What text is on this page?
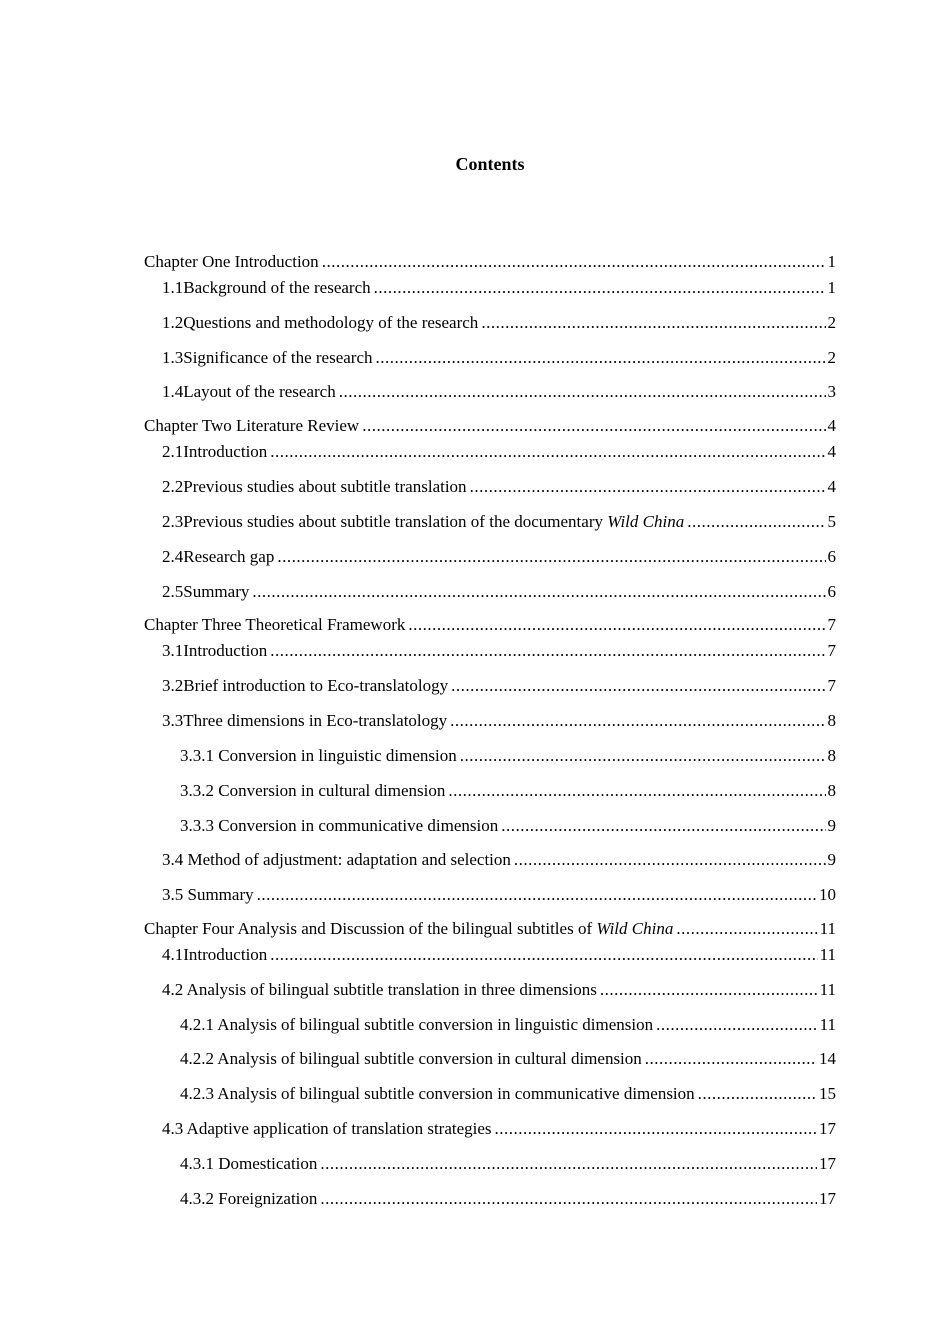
Contents
Chapter One Introduction .....	1
1.1Background of the research .....	1
1.2Questions and methodology of the research .....	2
1.3Significance of the research .....	2
1.4Layout of the research .....	3
Chapter Two Literature Review .....	4
2.1Introduction .....	4
2.2Previous studies about subtitle translation .....	4
2.3Previous studies about subtitle translation of the documentary Wild China .....	5
2.4Research gap .....	6
2.5Summary .....	6
Chapter Three Theoretical Framework .....	7
3.1Introduction .....	7
3.2Brief introduction to Eco-translatology .....	7
3.3Three dimensions in Eco-translatology .....	8
3.3.1 Conversion in linguistic dimension .....	8
3.3.2 Conversion in cultural dimension .....	8
3.3.3 Conversion in communicative dimension .....	9
3.4 Method of adjustment: adaptation and selection .....	9
3.5 Summary .....	10
Chapter Four Analysis and Discussion of the bilingual subtitles of Wild China .....	11
4.1Introduction .....	11
4.2 Analysis of bilingual subtitle translation in three dimensions .....	11
4.2.1 Analysis of bilingual subtitle conversion in linguistic dimension .....	11
4.2.2 Analysis of bilingual subtitle conversion in cultural dimension .....	14
4.2.3 Analysis of bilingual subtitle conversion in communicative dimension .....	15
4.3 Adaptive application of translation strategies .....	17
4.3.1 Domestication .....	17
4.3.2 Foreignization .....	17
